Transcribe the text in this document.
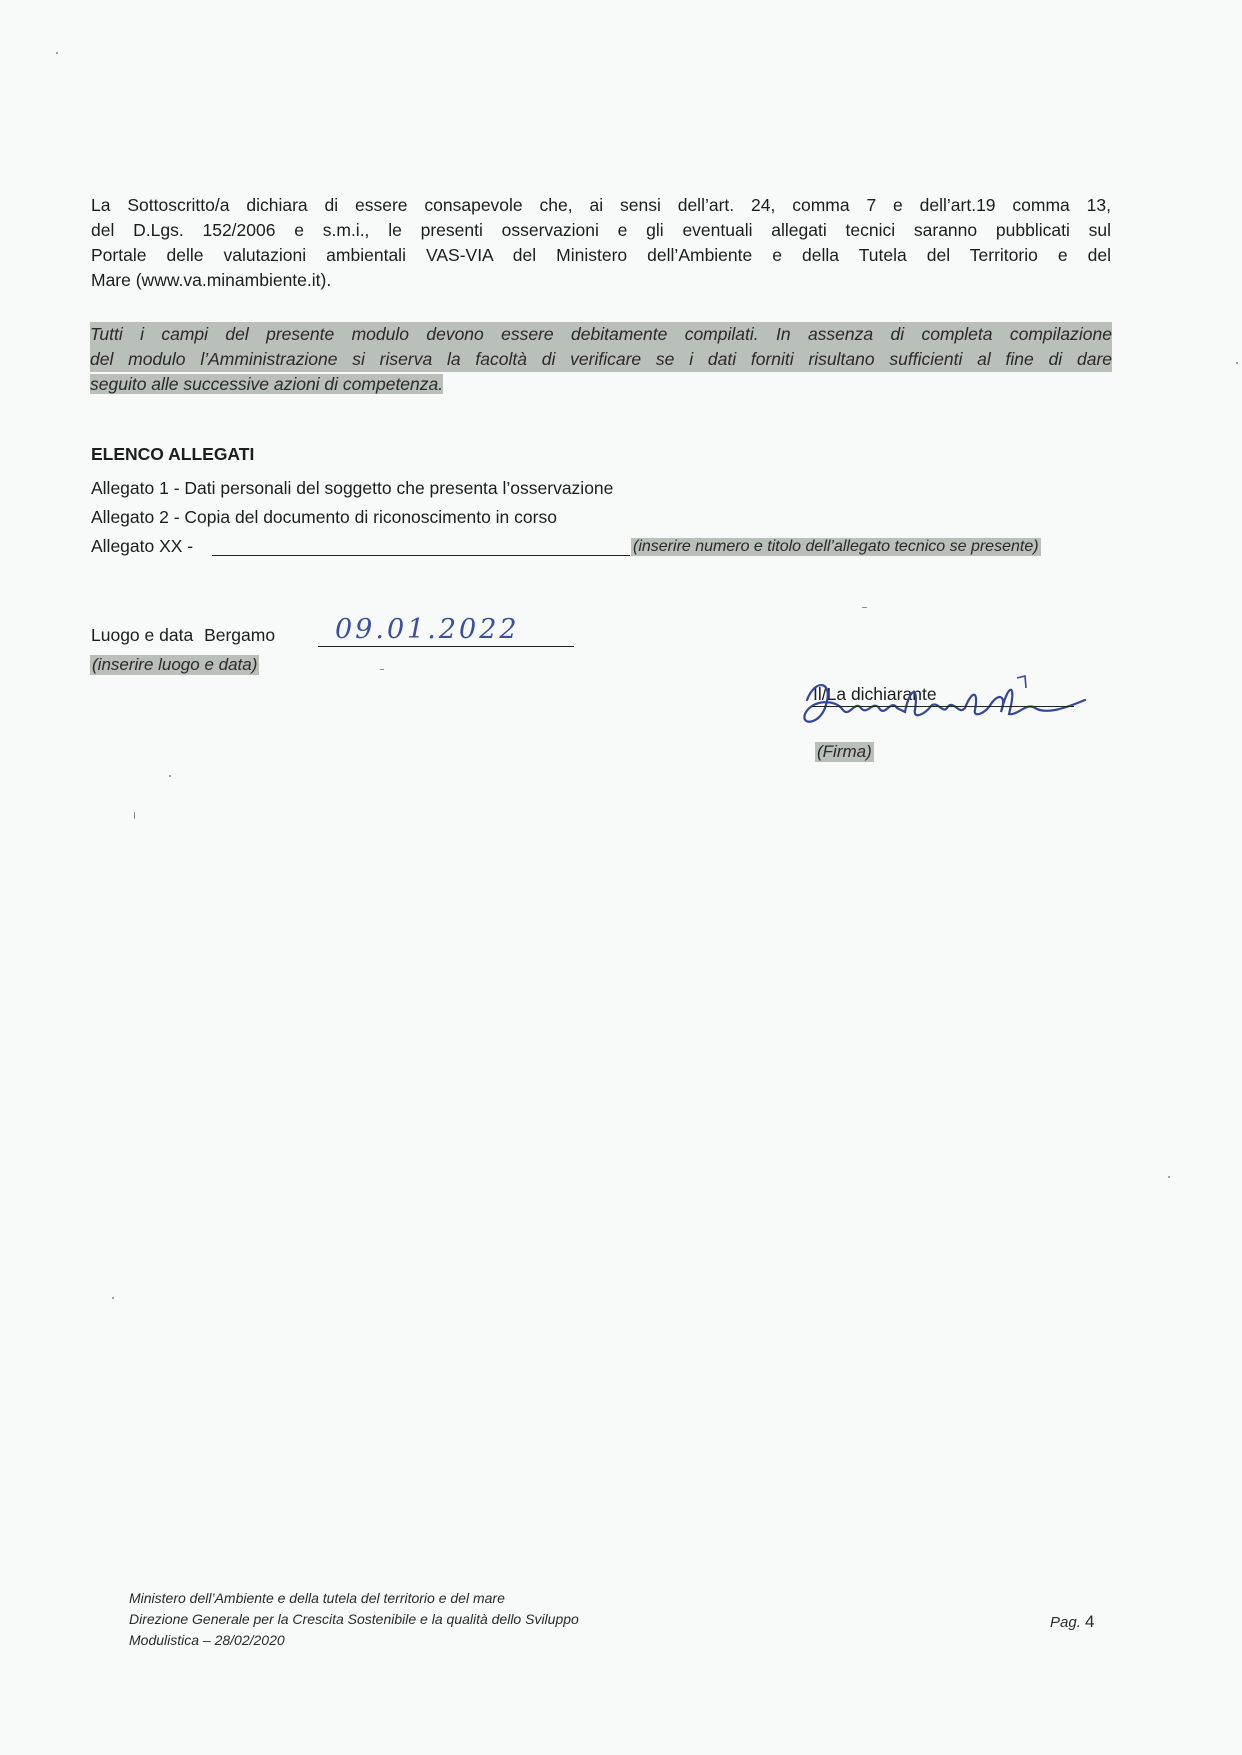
La Sottoscritto/a dichiara di essere consapevole che, ai sensi dell’art. 24, comma 7 e dell’art.19 comma 13,
del D.Lgs. 152/2006 e s.m.i., le presenti osservazioni e gli eventuali allegati tecnici saranno pubblicati sul
Portale delle valutazioni ambientali VAS-VIA del Ministero dell’Ambiente e della Tutela del Territorio e del
Mare (www.va.minambiente.it).
Tutti i campi del presente modulo devono essere debitamente compilati. In assenza di completa compilazione
del modulo l’Amministrazione si riserva la facoltà di verificare se i dati forniti risultano sufficienti al fine di dare
seguito alle successive azioni di competenza.
ELENCO ALLEGATI
Allegato 1 - Dati personali del soggetto che presenta l’osservazione
Allegato 2 - Copia del documento di riconoscimento in corso
Allegato XX -	(inserire numero e titolo dell’allegato tecnico se presente)
Luogo e data Bergamo 09.01.2022
(inserire luogo e data)
Il/La dichiarante
(Firma)
Ministero dell’Ambiente e della tutela del territorio e del mare
Direzione Generale per la Crescita Sostenibile e la qualità dello Sviluppo
Modulistica – 28/02/2020
Pag. 4
